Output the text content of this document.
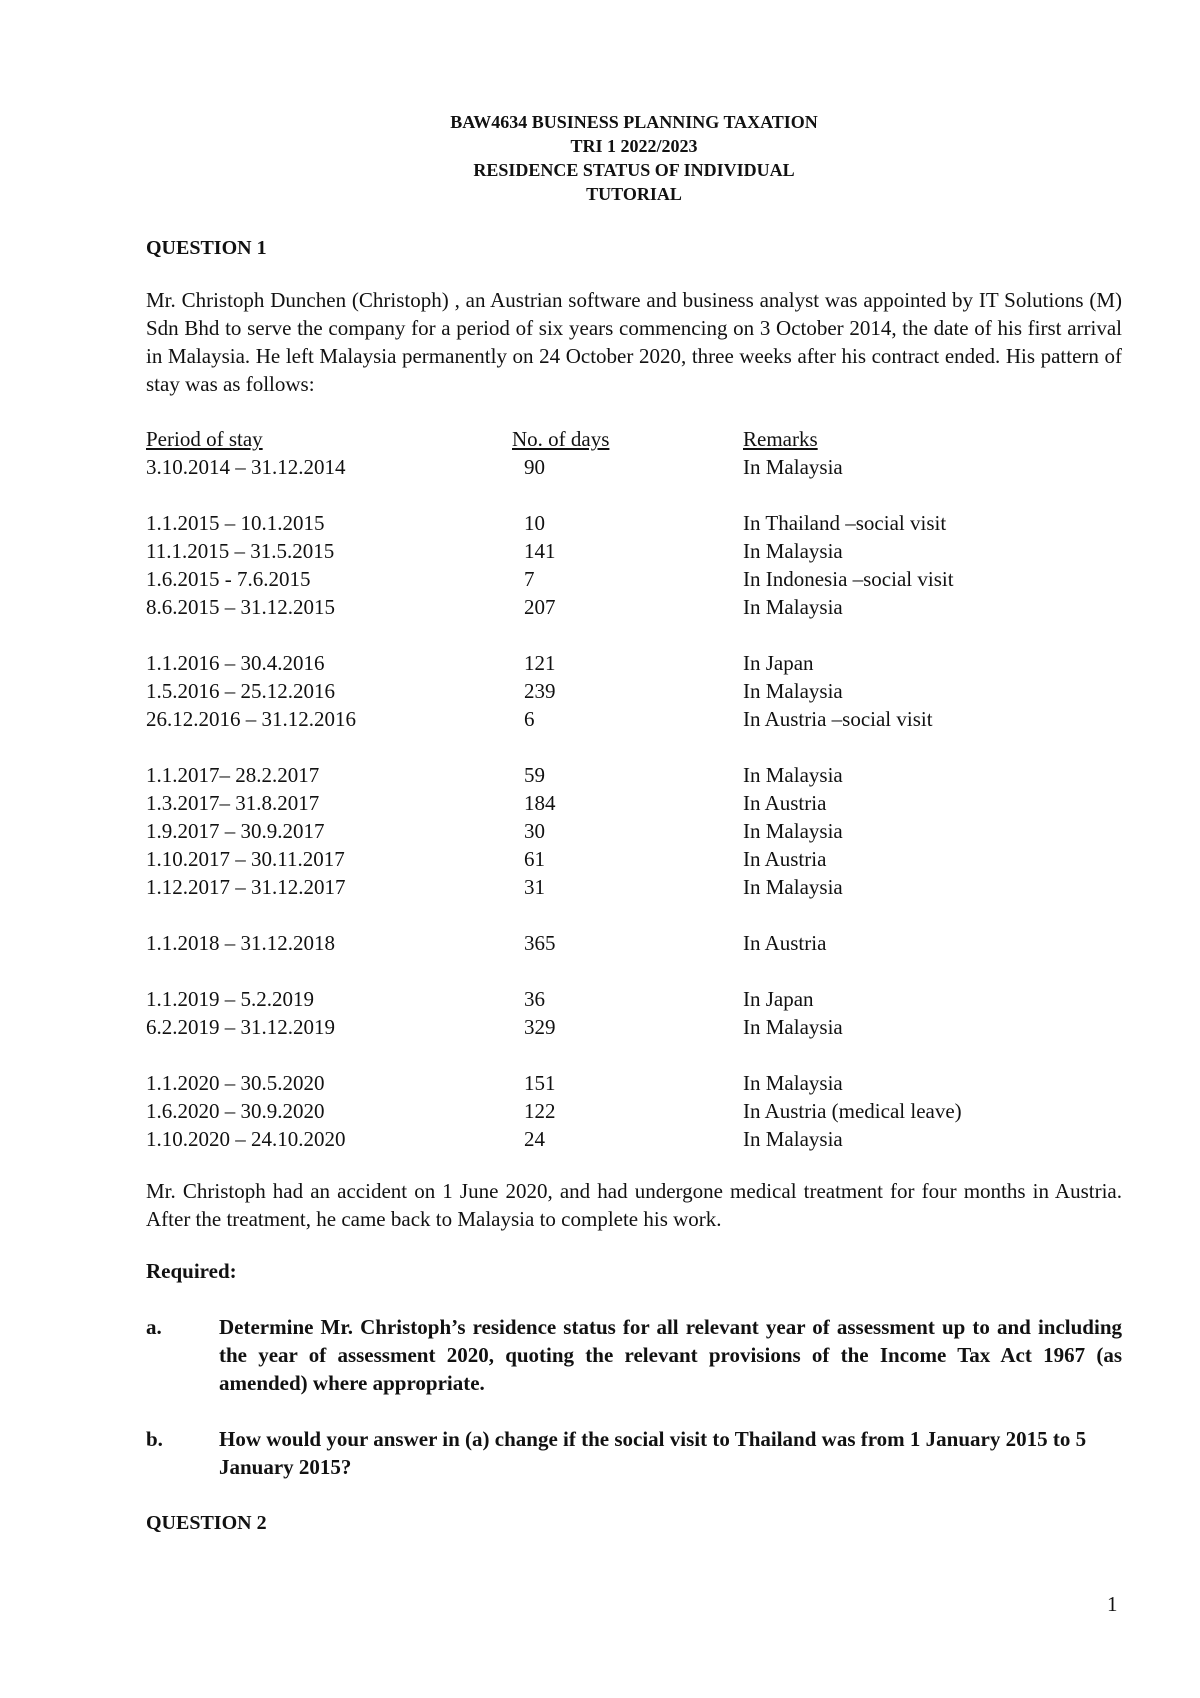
BAW4634 BUSINESS PLANNING TAXATION
TRI 1 2022/2023
RESIDENCE STATUS OF INDIVIDUAL
TUTORIAL
QUESTION 1

Mr. Christoph Dunchen (Christoph) , an Austrian software and business analyst was appointed by IT Solutions (M) Sdn Bhd to serve the company for a period of six years commencing on 3 October 2014, the date of his first arrival in Malaysia. He left Malaysia permanently on 24 October 2020, three weeks after his contract ended. His pattern of stay was as follows:

Period of stay	No. of days	Remarks
3.10.2014 – 31.12.2014	90	In Malaysia

1.1.2015 – 10.1.2015	10	In Thailand –social visit
11.1.2015 – 31.5.2015	141	In Malaysia
1.6.2015 - 7.6.2015	7	In Indonesia –social visit
8.6.2015 – 31.12.2015	207	In Malaysia

1.1.2016 – 30.4.2016	121	In Japan
1.5.2016 – 25.12.2016	239	In Malaysia
26.12.2016 – 31.12.2016	6	In Austria –social visit

1.1.2017– 28.2.2017	59	In Malaysia
1.3.2017– 31.8.2017	184	In Austria
1.9.2017 – 30.9.2017	30	In Malaysia
1.10.2017 – 30.11.2017	61	In Austria
1.12.2017 – 31.12.2017	31	In Malaysia

1.1.2018 – 31.12.2018	365	In Austria

1.1.2019 – 5.2.2019	36	In Japan
6.2.2019 – 31.12.2019	329	In Malaysia

1.1.2020 – 30.5.2020	151	In Malaysia
1.6.2020 – 30.9.2020	122	In Austria (medical leave)
1.10.2020 – 24.10.2020	24	In Malaysia

Mr. Christoph had an accident on 1 June 2020, and had undergone medical treatment for four months in Austria. After the treatment, he came back to Malaysia to complete his work.

Required:
a.	Determine Mr. Christoph’s residence status for all relevant year of assessment up to and including the year of assessment 2020, quoting the relevant provisions of the Income Tax Act 1967 (as amended) where appropriate.
b.	How would your answer in (a) change if the social visit to Thailand was from 1 January 2015 to 5 January 2015?
QUESTION 2
1
